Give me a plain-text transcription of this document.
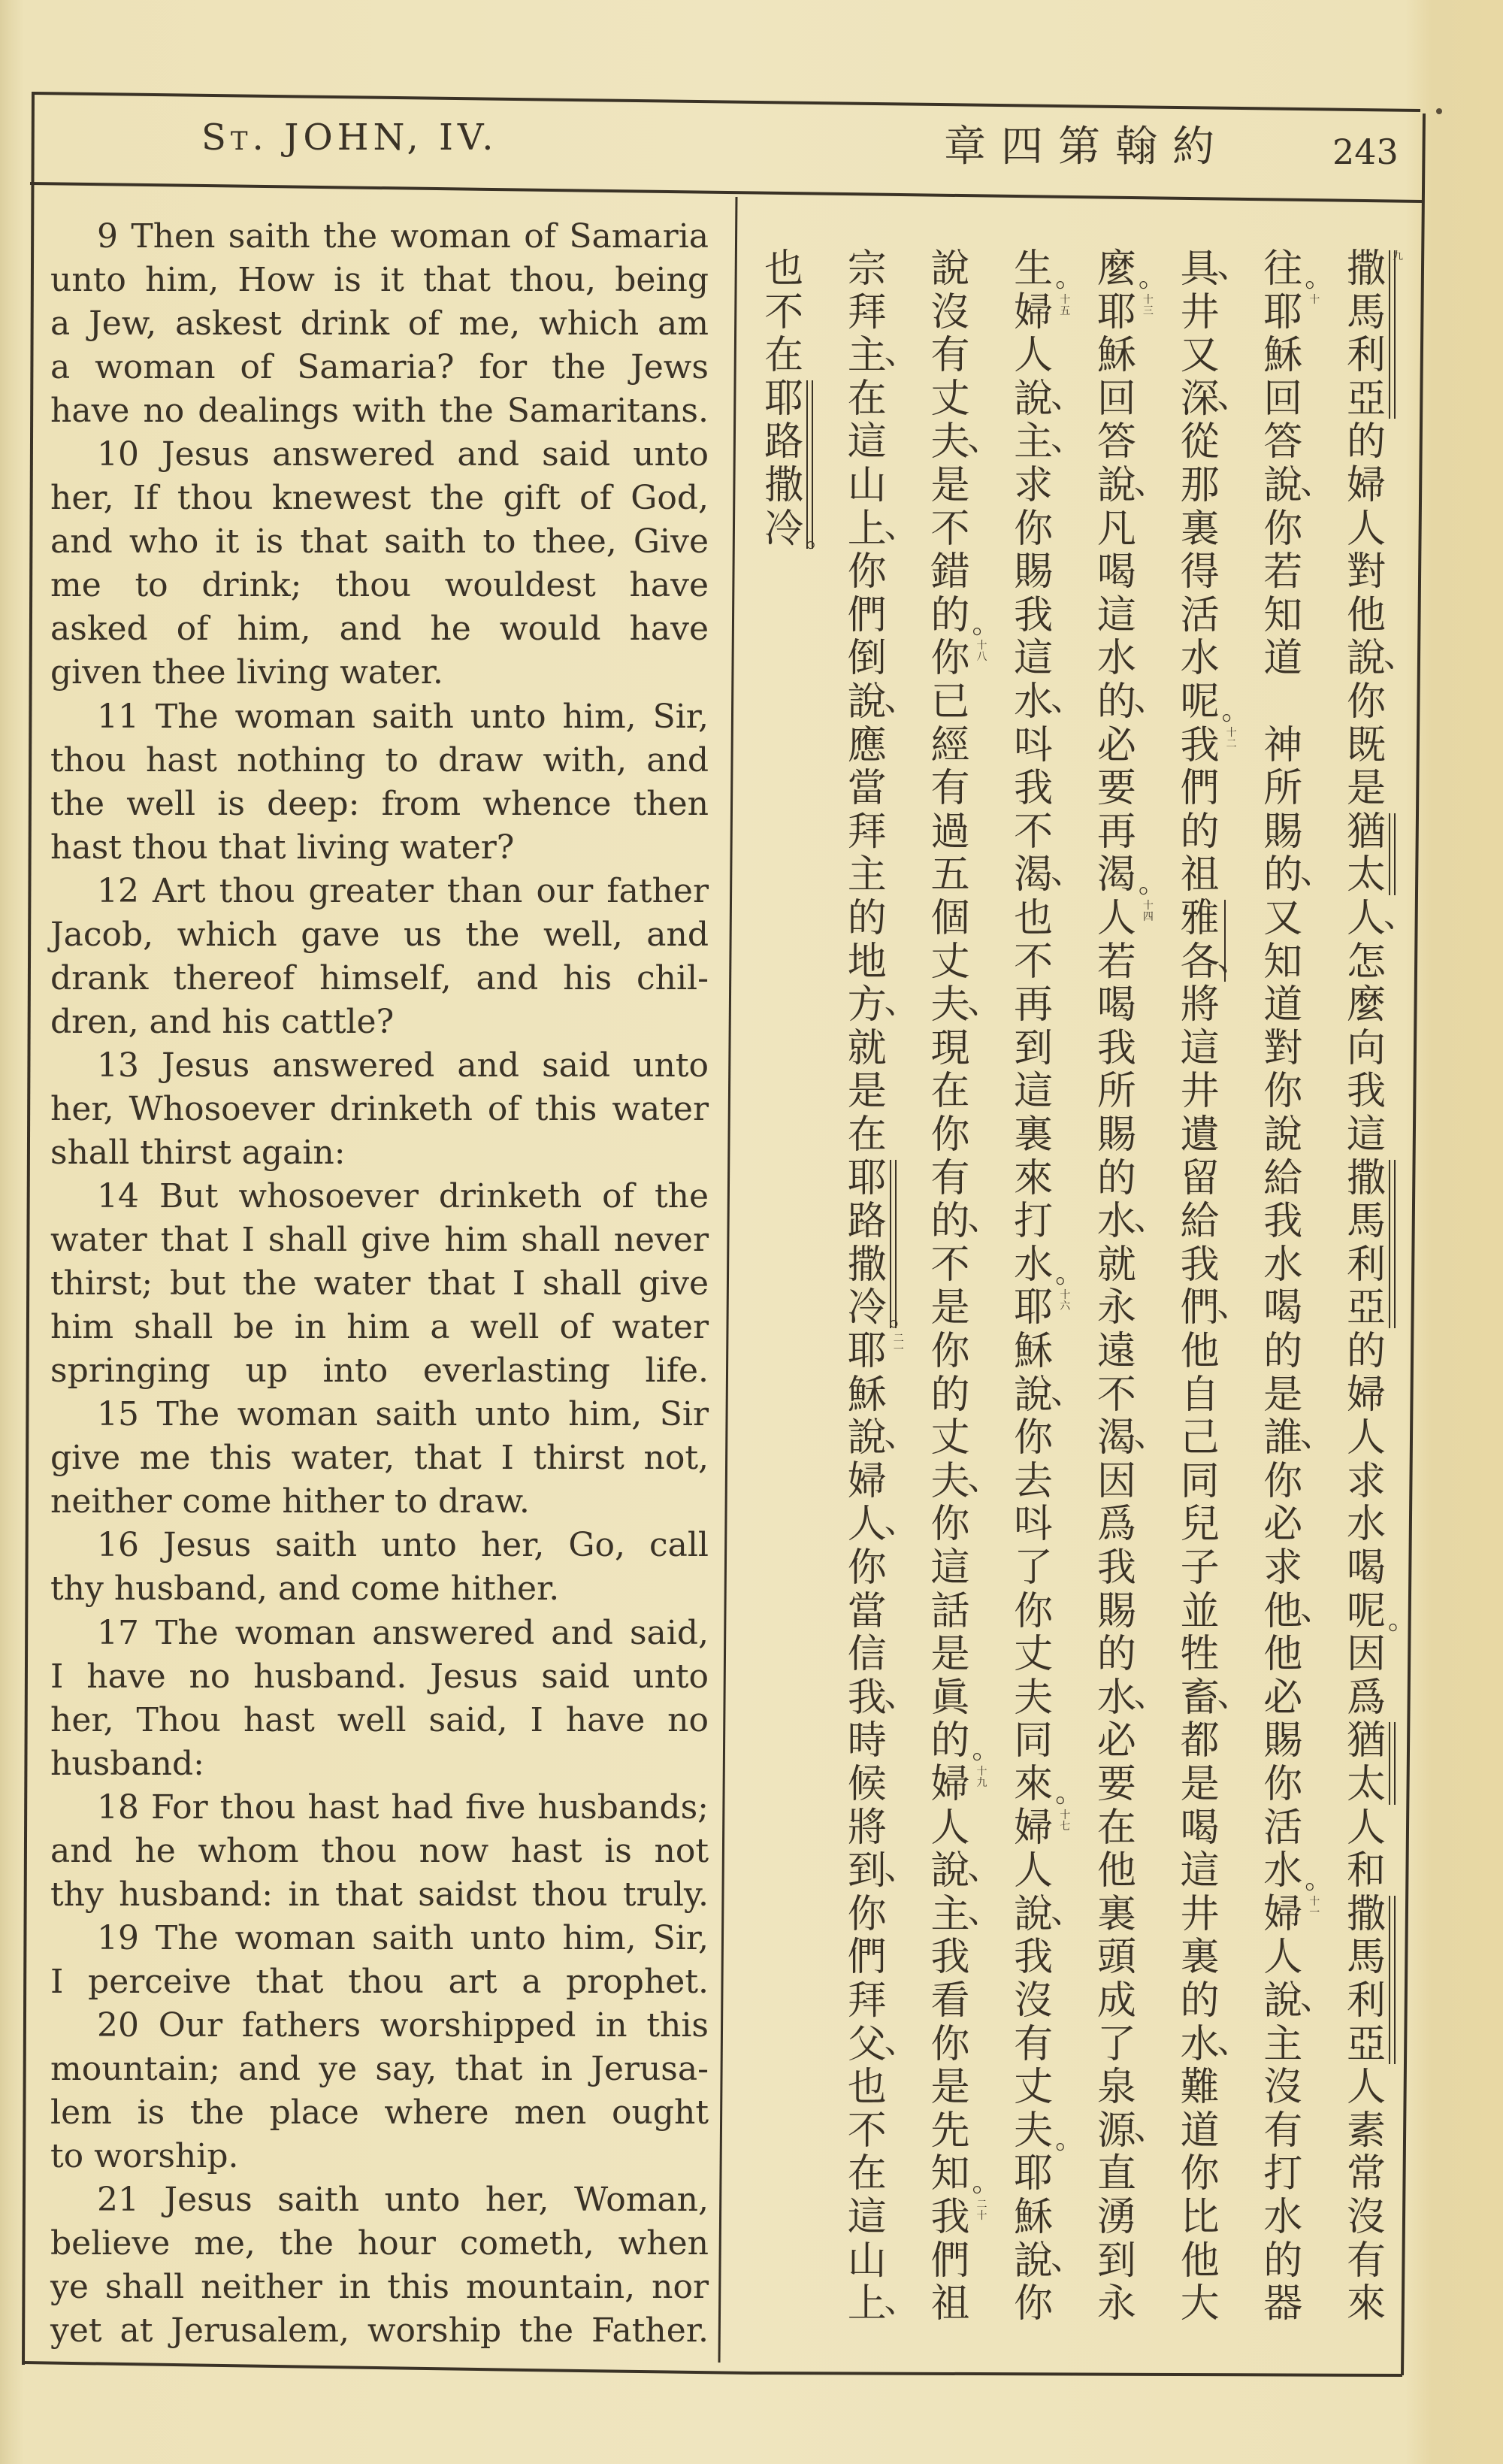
St. JOHN, IV.	章四第翰約	243
9 Then saith the woman of Samaria
unto him, How is it that thou, being
a Jew, askest drink of me, which am
a woman of Samaria? for the Jews
have no dealings with the Samaritans.
10 Jesus answered and said unto
her, If thou knewest the gift of God,
and who it is that saith to thee, Give
me to drink; thou wouldest have
asked of him, and he would have
given thee living water.
11 The woman saith unto him, Sir,
thou hast nothing to draw with, and
the well is deep: from whence then
hast thou that living water?
12 Art thou greater than our father
Jacob, which gave us the well, and
drank thereof himself, and his chil-
dren, and his cattle?
13 Jesus answered and said unto
her, Whosoever drinketh of this water
shall thirst again:
14 But whosoever drinketh of the
water that I shall give him shall never
thirst; but the water that I shall give
him shall be in him a well of water
springing up into everlasting life.
15 The woman saith unto him, Sir
give me this water, that I thirst not,
neither come hither to draw.
16 Jesus saith unto her, Go, call
thy husband, and come hither.
17 The woman answered and said,
I have no husband. Jesus said unto
her, Thou hast well said, I have no
husband:
18 For thou hast had five husbands;
and he whom thou now hast is not
thy husband: in that saidst thou truly.
19 The woman saith unto him, Sir,
I perceive that thou art a prophet.
20 Our fathers worshipped in this
mountain; and ye say, that in Jerusa-
lem is the place where men ought
to worship.
21 Jesus saith unto her, Woman,
believe me, the hour cometh, when
ye shall neither in this mountain, nor
yet at Jerusalem, worship the Father.
九
撒
馬
利
亞
的
婦
人
對
他
說
、
你
既
是
猶
太
人
、
怎
麼
向
我
這
撒
馬
利
亞
的
婦
人
求
水
喝
呢 。
因
爲
猶
太
人
和
撒
馬
利
亞
人
素
常
沒
有
來
往 。
十
耶
穌
回
答
說
、
你
若
知
道

神
所
賜
的
、
又
知
道
對
你
說
給
我
水
喝
的
是
誰
、
你
必
求
他
、
他
必
賜
你
活
水 。
十
一
婦
人
說
、
主
沒
有
打
水
的
器
具
、
井
又
深
、
從
那
裏
得
活
水
呢 。
十
二
我
們
的
祖
雅
各
、
將
這
井
遺
留
給
我
們
、
他
自
己
同
兒
子
並
牲
畜
、
都
是
喝
這
井
裏
的
水
、
難
道
你
比
他
大
麼 。
十
三
耶
穌
回
答
說
、
凡
喝
這
水
的
、
必
要
再
渴 。
十
四
人
若
喝
我
所
賜
的
水
、
就
永
遠
不
渴
、
因
爲
我
賜
的
水
、
必
要
在
他
裏
頭
成
了
泉
源
、
直
湧
到
永
生 。
十
五
婦
人
說
、
主
、
求
你
賜
我
這
水
、
呌
我
不
渴
、
也
不
再
到
這
裏
來
打
水 。
十
六
耶
穌
說
、
你
去
呌
了
你
丈
夫
同
來 。
十
七
婦
人
說
、
我
沒
有
丈
夫 。
耶
穌
說
、
你
說
沒
有
丈
夫
、
是
不
錯
的 。
十
八
你
已
經
有
過
五
個
丈
夫
、
現
在
你
有
的
、
不
是
你
的
丈
夫
、
你
這
話
是
眞
的 。
十
九
婦
人
說
、
主
、
我
看
你
是
先
知 。
二
十
我
們
祖
宗
拜
主
、
在
這
山
上
、
你
們
倒
說
、
應
當
拜
主
的
地
方
、
就
是
在
耶
路
撒
冷 。
二
一
耶
穌
說
、
婦
人
、
你
當
信
我
、
時
候
將
到
、
你
們
拜
父
、
也
不
在
這
山
上
、
也
不
在
耶
路
撒
冷 。
